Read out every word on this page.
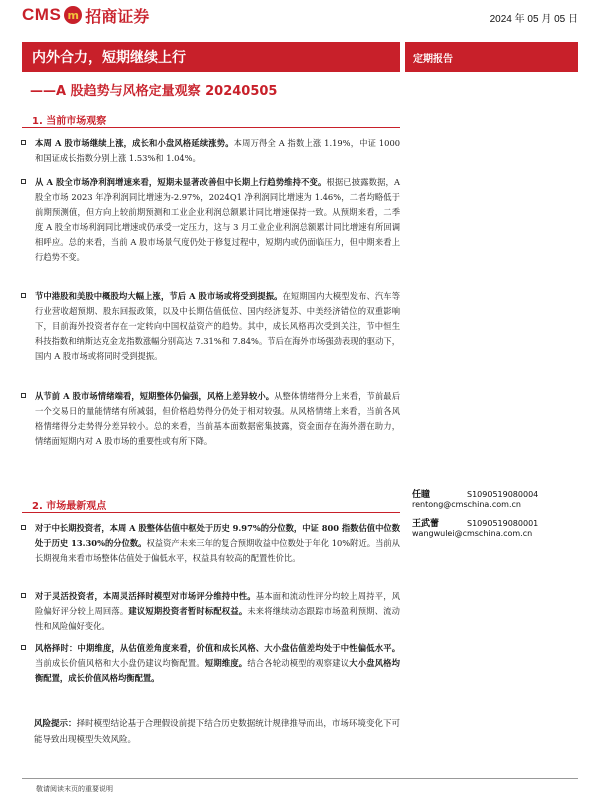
CMS m 招商证券	2024 年 05 月 05 日
内外合力，短期继续上行	定期报告
——A 股趋势与风格定量观察 20240505
1. 当前市场观察

本周 A 股市场继续上涨，成长和小盘风格延续涨势。本周万得全 A 指数上涨 1.19%，中证 1000 和国证成长指数分别上涨 1.53%和 1.04%。

从 A 股全市场净利润增速来看，短期未显著改善但中长期上行趋势维持不变。根据已披露数据，A 股全市场 2023 年净利润同比增速为-2.97%，2024Q1 净利润同比增速为 1.46%，二者均略低于前期预测值，但方向上较前期预测和工业企业利润总额累计同比增速保持一致。从预期来看，二季度 A 股全市场利润同比增速或仍承受一定压力，这与 3 月工业企业利润总额累计同比增速有所回调相呼应。总的来看，当前 A 股市场景气度仍处于修复过程中，短期内或仍面临压力，但中期来看上行趋势不变。

节中港股和美股中概股均大幅上涨，节后 A 股市场或将受到提振。在短期国内大模型发布、汽车等行业营收超预期、股东回报政策，以及中长期估值低位、国内经济复苏、中美经济错位的双重影响下，目前海外投资者存在一定转向中国权益资产的趋势。其中，成长风格再次受到关注，节中恒生科技指数和纳斯达克金龙指数涨幅分别高达 7.31%和 7.84%。节后在海外市场强劲表现的驱动下，国内 A 股市场或将同时受到提振。

从节前 A 股市场情绪端看，短期整体仍偏强，风格上差异较小。从整体情绪得分上来看，节前最后一个交易日的量能情绪有所减弱，但价格趋势得分仍处于相对较强。从风格情绪上来看，当前各风格情绪得分走势得分差异较小。总的来看，当前基本面数据密集披露，资金面存在海外潜在助力，情绪面短期内对 A 股市场的重要性或有所下降。

2. 市场最新观点

对于中长期投资者，本周 A 股整体估值中枢处于历史 9.97%的分位数，中证 800 指数估值中位数处于历史 13.30%的分位数。权益资产未来三年的复合预期收益中位数处于年化 10%附近。当前从长期视角来看市场整体估值处于偏低水平，权益具有较高的配置性价比。

对于灵活投资者，本周灵活择时模型对市场评分维持中性。基本面和流动性评分均较上周持平，风险偏好评分较上周回落。建议短期投资者暂时标配权益。未来将继续动态跟踪市场盈利预期、流动性和风险偏好变化。

风格择时：中期维度，从估值差角度来看，价值和成长风格、大小盘估值差均处于中性偏低水平。当前成长价值风格和大小盘仍建议均衡配置。短期维度。结合各轮动模型的观察建议大小盘风格均衡配置，成长价值风格均衡配置。

任瞳	S1090519080004
rentong@cmschina.com.cn
王武蕾	S1090519080001
wangwulei@cmschina.com.cn
风险提示：择时模型结论基于合理假设前提下结合历史数据统计规律推导而出，市场环境变化下可能导致出现模型失效风险。
敬请阅读末页的重要说明
